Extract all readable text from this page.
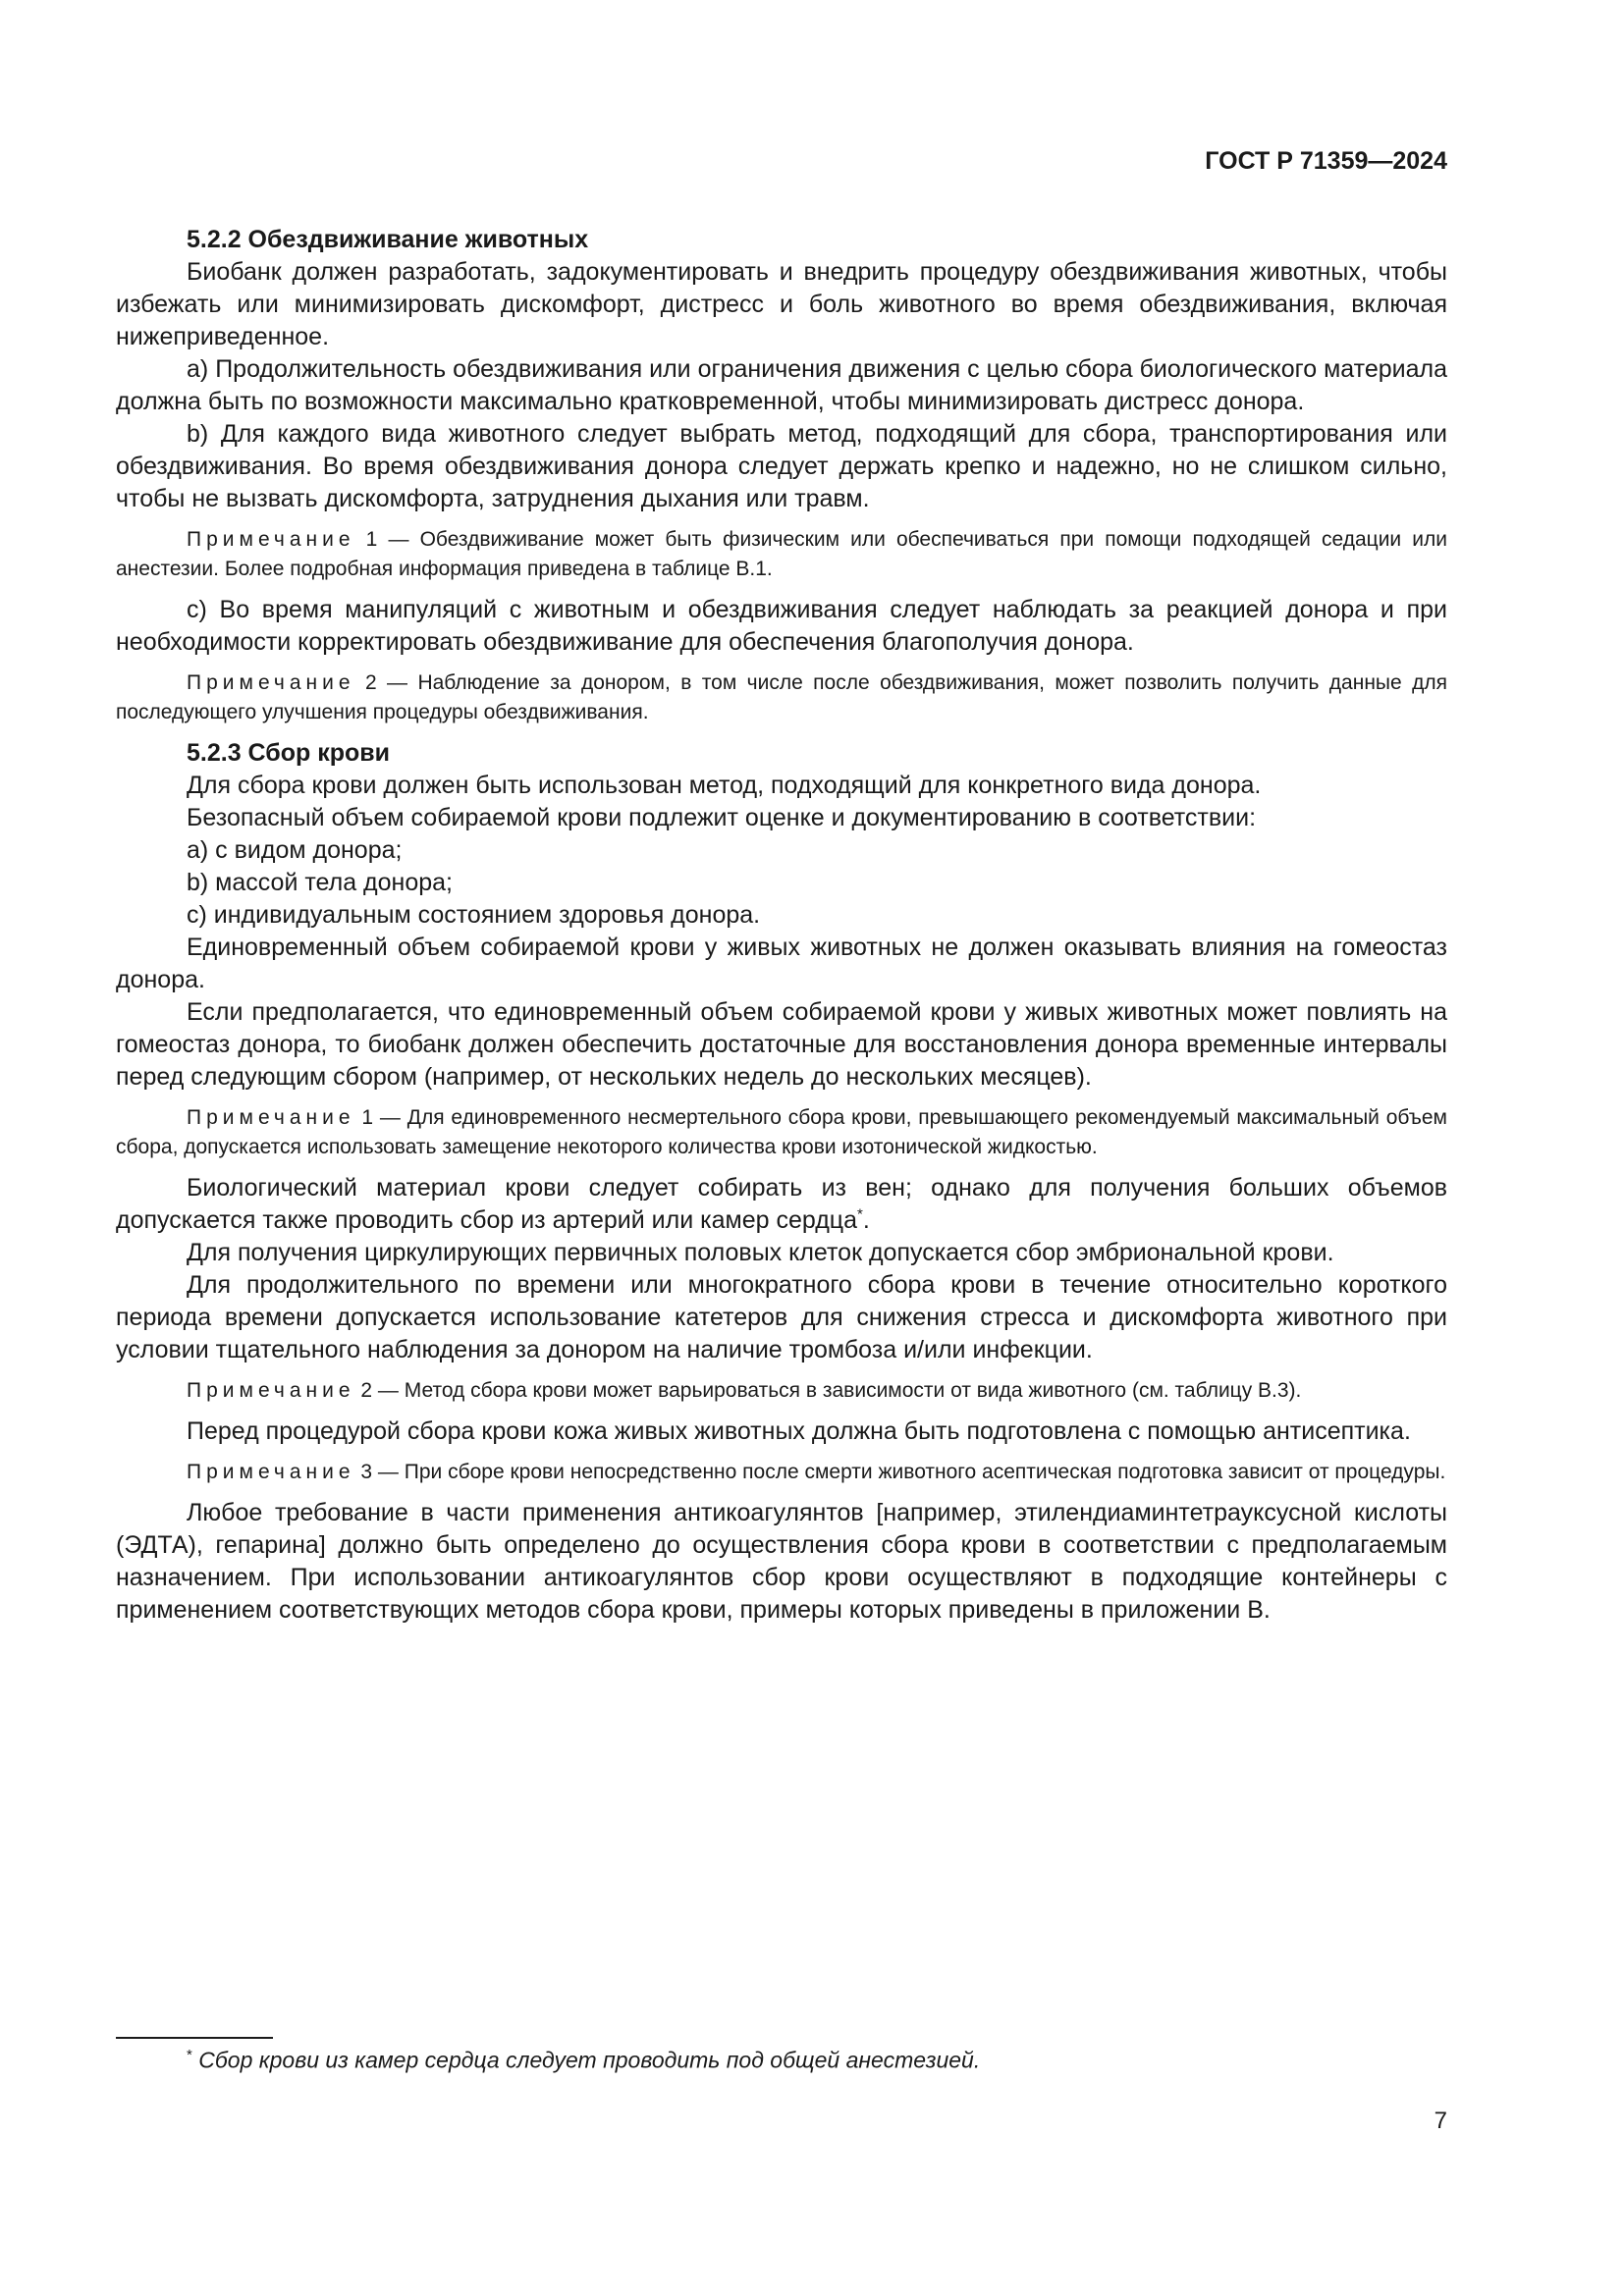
ГОСТ Р 71359—2024

5.2.2 Обездвиживание животных

Биобанк должен разработать, задокументировать и внедрить процедуру обездвиживания животных, чтобы избежать или минимизировать дискомфорт, дистресс и боль животного во время обездвиживания, включая нижеприведенное.

a) Продолжительность обездвиживания или ограничения движения с целью сбора биологического материала должна быть по возможности максимально кратковременной, чтобы минимизировать дистресс донора.

b) Для каждого вида животного следует выбрать метод, подходящий для сбора, транспортирования или обездвиживания. Во время обездвиживания донора следует держать крепко и надежно, но не слишком сильно, чтобы не вызвать дискомфорта, затруднения дыхания или травм.

Примечание 1 — Обездвиживание может быть физическим или обеспечиваться при помощи подходящей седации или анестезии. Более подробная информация приведена в таблице В.1.

c) Во время манипуляций с животным и обездвиживания следует наблюдать за реакцией донора и при необходимости корректировать обездвиживание для обеспечения благополучия донора.

Примечание 2 — Наблюдение за донором, в том числе после обездвиживания, может позволить получить данные для последующего улучшения процедуры обездвиживания.

5.2.3 Сбор крови

Для сбора крови должен быть использован метод, подходящий для конкретного вида донора.

Безопасный объем собираемой крови подлежит оценке и документированию в соответствии:

a) с видом донора;

b) массой тела донора;

c) индивидуальным состоянием здоровья донора.

Единовременный объем собираемой крови у живых животных не должен оказывать влияния на гомеостаз донора.

Если предполагается, что единовременный объем собираемой крови у живых животных может повлиять на гомеостаз донора, то биобанк должен обеспечить достаточные для восстановления донора временные интервалы перед следующим сбором (например, от нескольких недель до нескольких месяцев).

Примечание 1 — Для единовременного несмертельного сбора крови, превышающего рекомендуемый максимальный объем сбора, допускается использовать замещение некоторого количества крови изотонической жидкостью.

Биологический материал крови следует собирать из вен; однако для получения больших объемов допускается также проводить сбор из артерий или камер сердца*.

Для получения циркулирующих первичных половых клеток допускается сбор эмбриональной крови.

Для продолжительного по времени или многократного сбора крови в течение относительно короткого периода времени допускается использование катетеров для снижения стресса и дискомфорта животного при условии тщательного наблюдения за донором на наличие тромбоза и/или инфекции.

Примечание 2 — Метод сбора крови может варьироваться в зависимости от вида животного (см. таблицу В.3).

Перед процедурой сбора крови кожа живых животных должна быть подготовлена с помощью антисептика.

Примечание 3 — При сборе крови непосредственно после смерти животного асептическая подготовка зависит от процедуры.

Любое требование в части применения антикоагулянтов [например, этилендиаминтетрауксусной кислоты (ЭДТА), гепарина] должно быть определено до осуществления сбора крови в соответствии с предполагаемым назначением. При использовании антикоагулянтов сбор крови осуществляют в подходящие контейнеры с применением соответствующих методов сбора крови, примеры которых приведены в приложении В.

* Сбор крови из камер сердца следует проводить под общей анестезией.
7
